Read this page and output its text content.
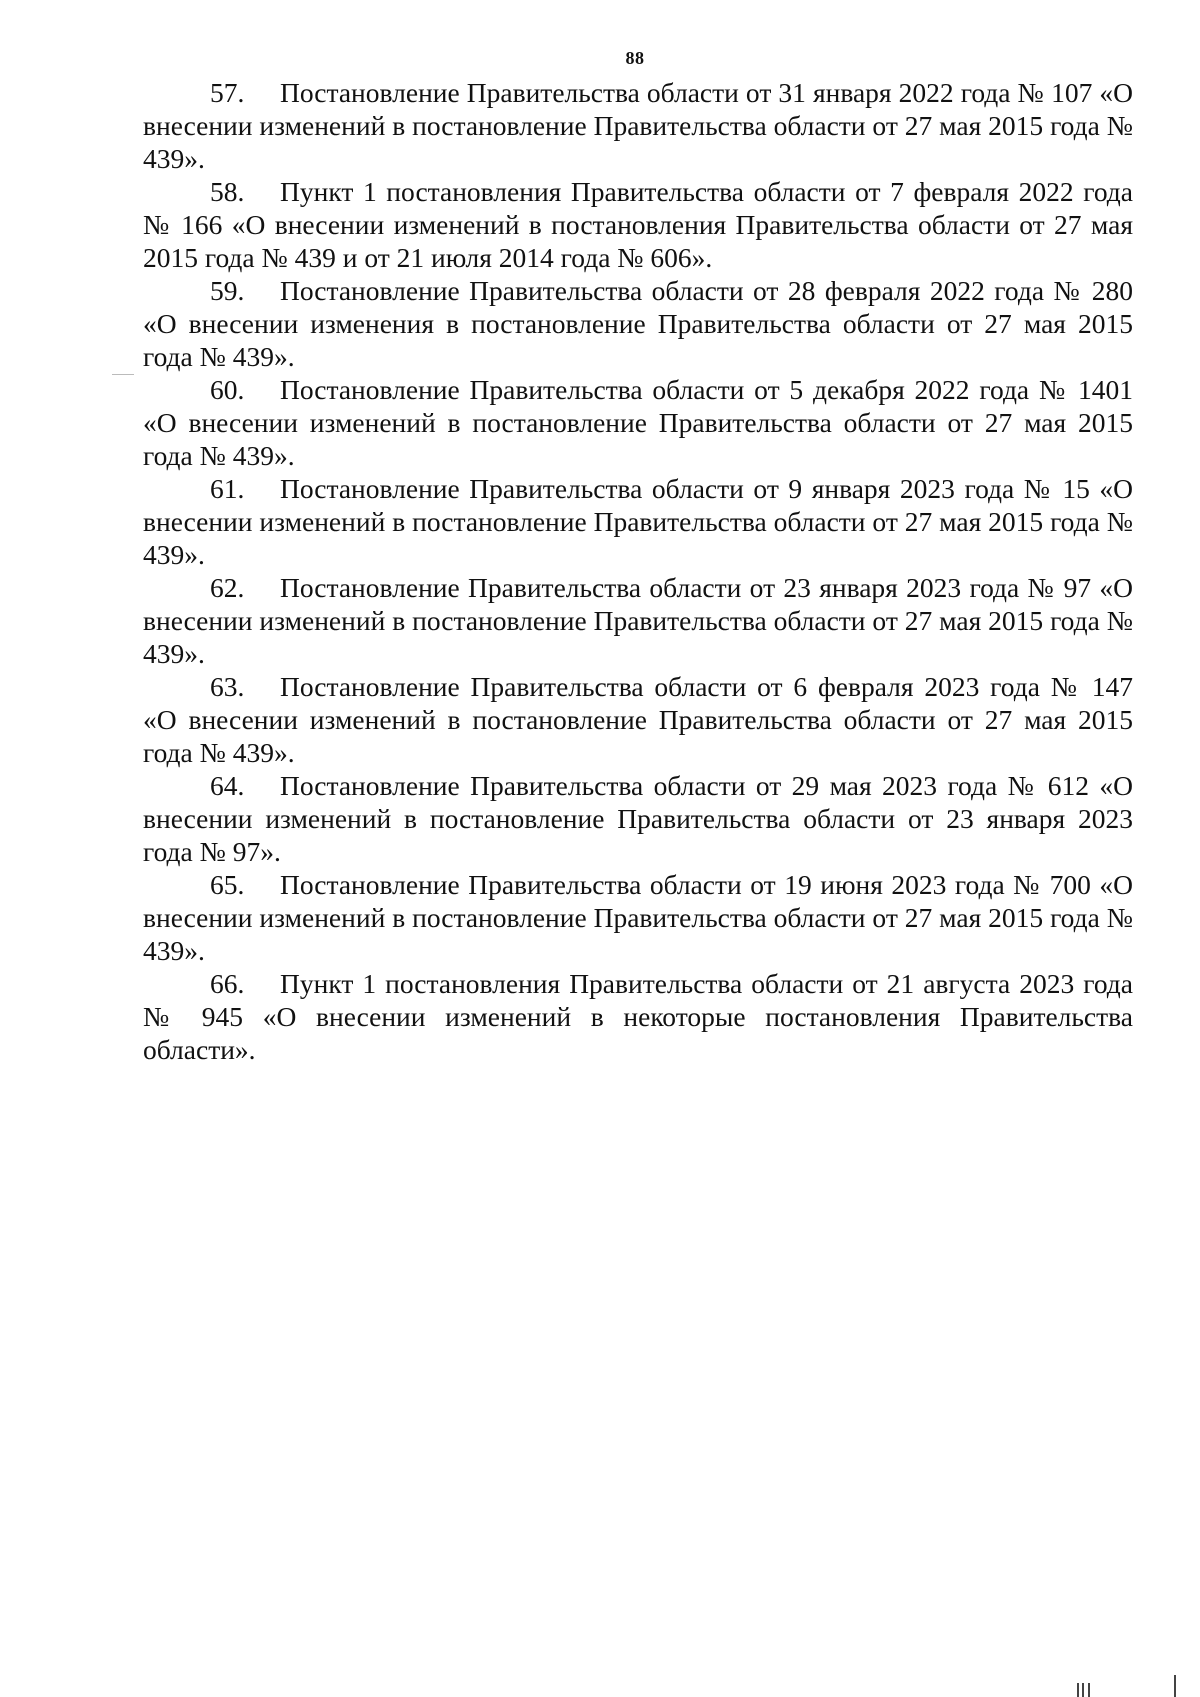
88

57. Постановление Правительства области от 31 января 2022 года № 107 «О внесении изменений в постановление Правительства области от 27 мая 2015 года № 439».

58. Пункт 1 постановления Правительства области от 7 февраля 2022 года № 166 «О внесении изменений в постановления Правительства области от 27 мая 2015 года № 439 и от 21 июля 2014 года № 606».

59. Постановление Правительства области от 28 февраля 2022 года № 280 «О внесении изменения в постановление Правительства области от 27 мая 2015 года № 439».

60. Постановление Правительства области от 5 декабря 2022 года № 1401 «О внесении изменений в постановление Правительства области от 27 мая 2015 года № 439».

61. Постановление Правительства области от 9 января 2023 года № 15 «О внесении изменений в постановление Правительства области от 27 мая 2015 года № 439».

62. Постановление Правительства области от 23 января 2023 года № 97 «О внесении изменений в постановление Правительства области от 27 мая 2015 года № 439».

63. Постановление Правительства области от 6 февраля 2023 года № 147 «О внесении изменений в постановление Правительства области от 27 мая 2015 года № 439».

64. Постановление Правительства области от 29 мая 2023 года № 612 «О внесении изменений в постановление Правительства области от 23 января 2023 года № 97».

65. Постановление Правительства области от 19 июня 2023 года № 700 «О внесении изменений в постановление Правительства области от 27 мая 2015 года № 439».

66. Пункт 1 постановления Правительства области от 21 августа 2023 года № 945 «О внесении изменений в некоторые постановления Правительства области».
